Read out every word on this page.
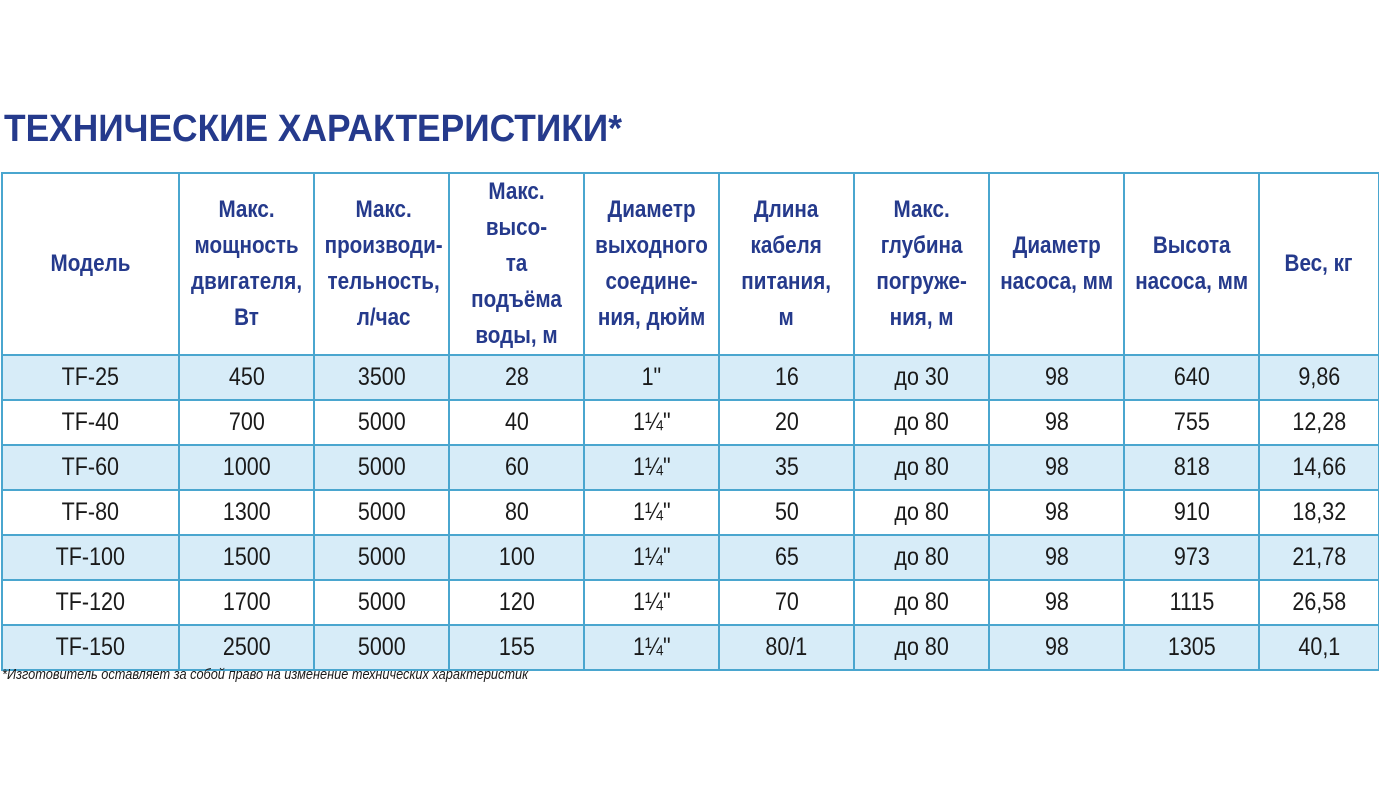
ТЕХНИЧЕСКИЕ ХАРАКТЕРИСТИКИ*
Модель	Макс.
мощность
двигателя,
Вт	Макс.
производи-
тельность,
л/час	Макс. высо-
та подъёма
воды, м	Диаметр
выходного
соедине-
ния, дюйм	Длина
кабеля
питания,
м	Макс.
глубина
погруже-
ния, м	Диаметр
насоса, мм	Высота
насоса, мм	Вес, кг
TF-25	450	3500	28	1"	16	до 30	98	640	9,86
TF-40	700	5000	40	1¼"	20	до 80	98	755	12,28
TF-60	1000	5000	60	1¼"	35	до 80	98	818	14,66
TF-80	1300	5000	80	1¼"	50	до 80	98	910	18,32
TF-100	1500	5000	100	1¼"	65	до 80	98	973	21,78
TF-120	1700	5000	120	1¼"	70	до 80	98	1115	26,58
TF-150	2500	5000	155	1¼"	80/1	до 80	98	1305	40,1

*Изготовитель оставляет за собой право на изменение технических характеристик
